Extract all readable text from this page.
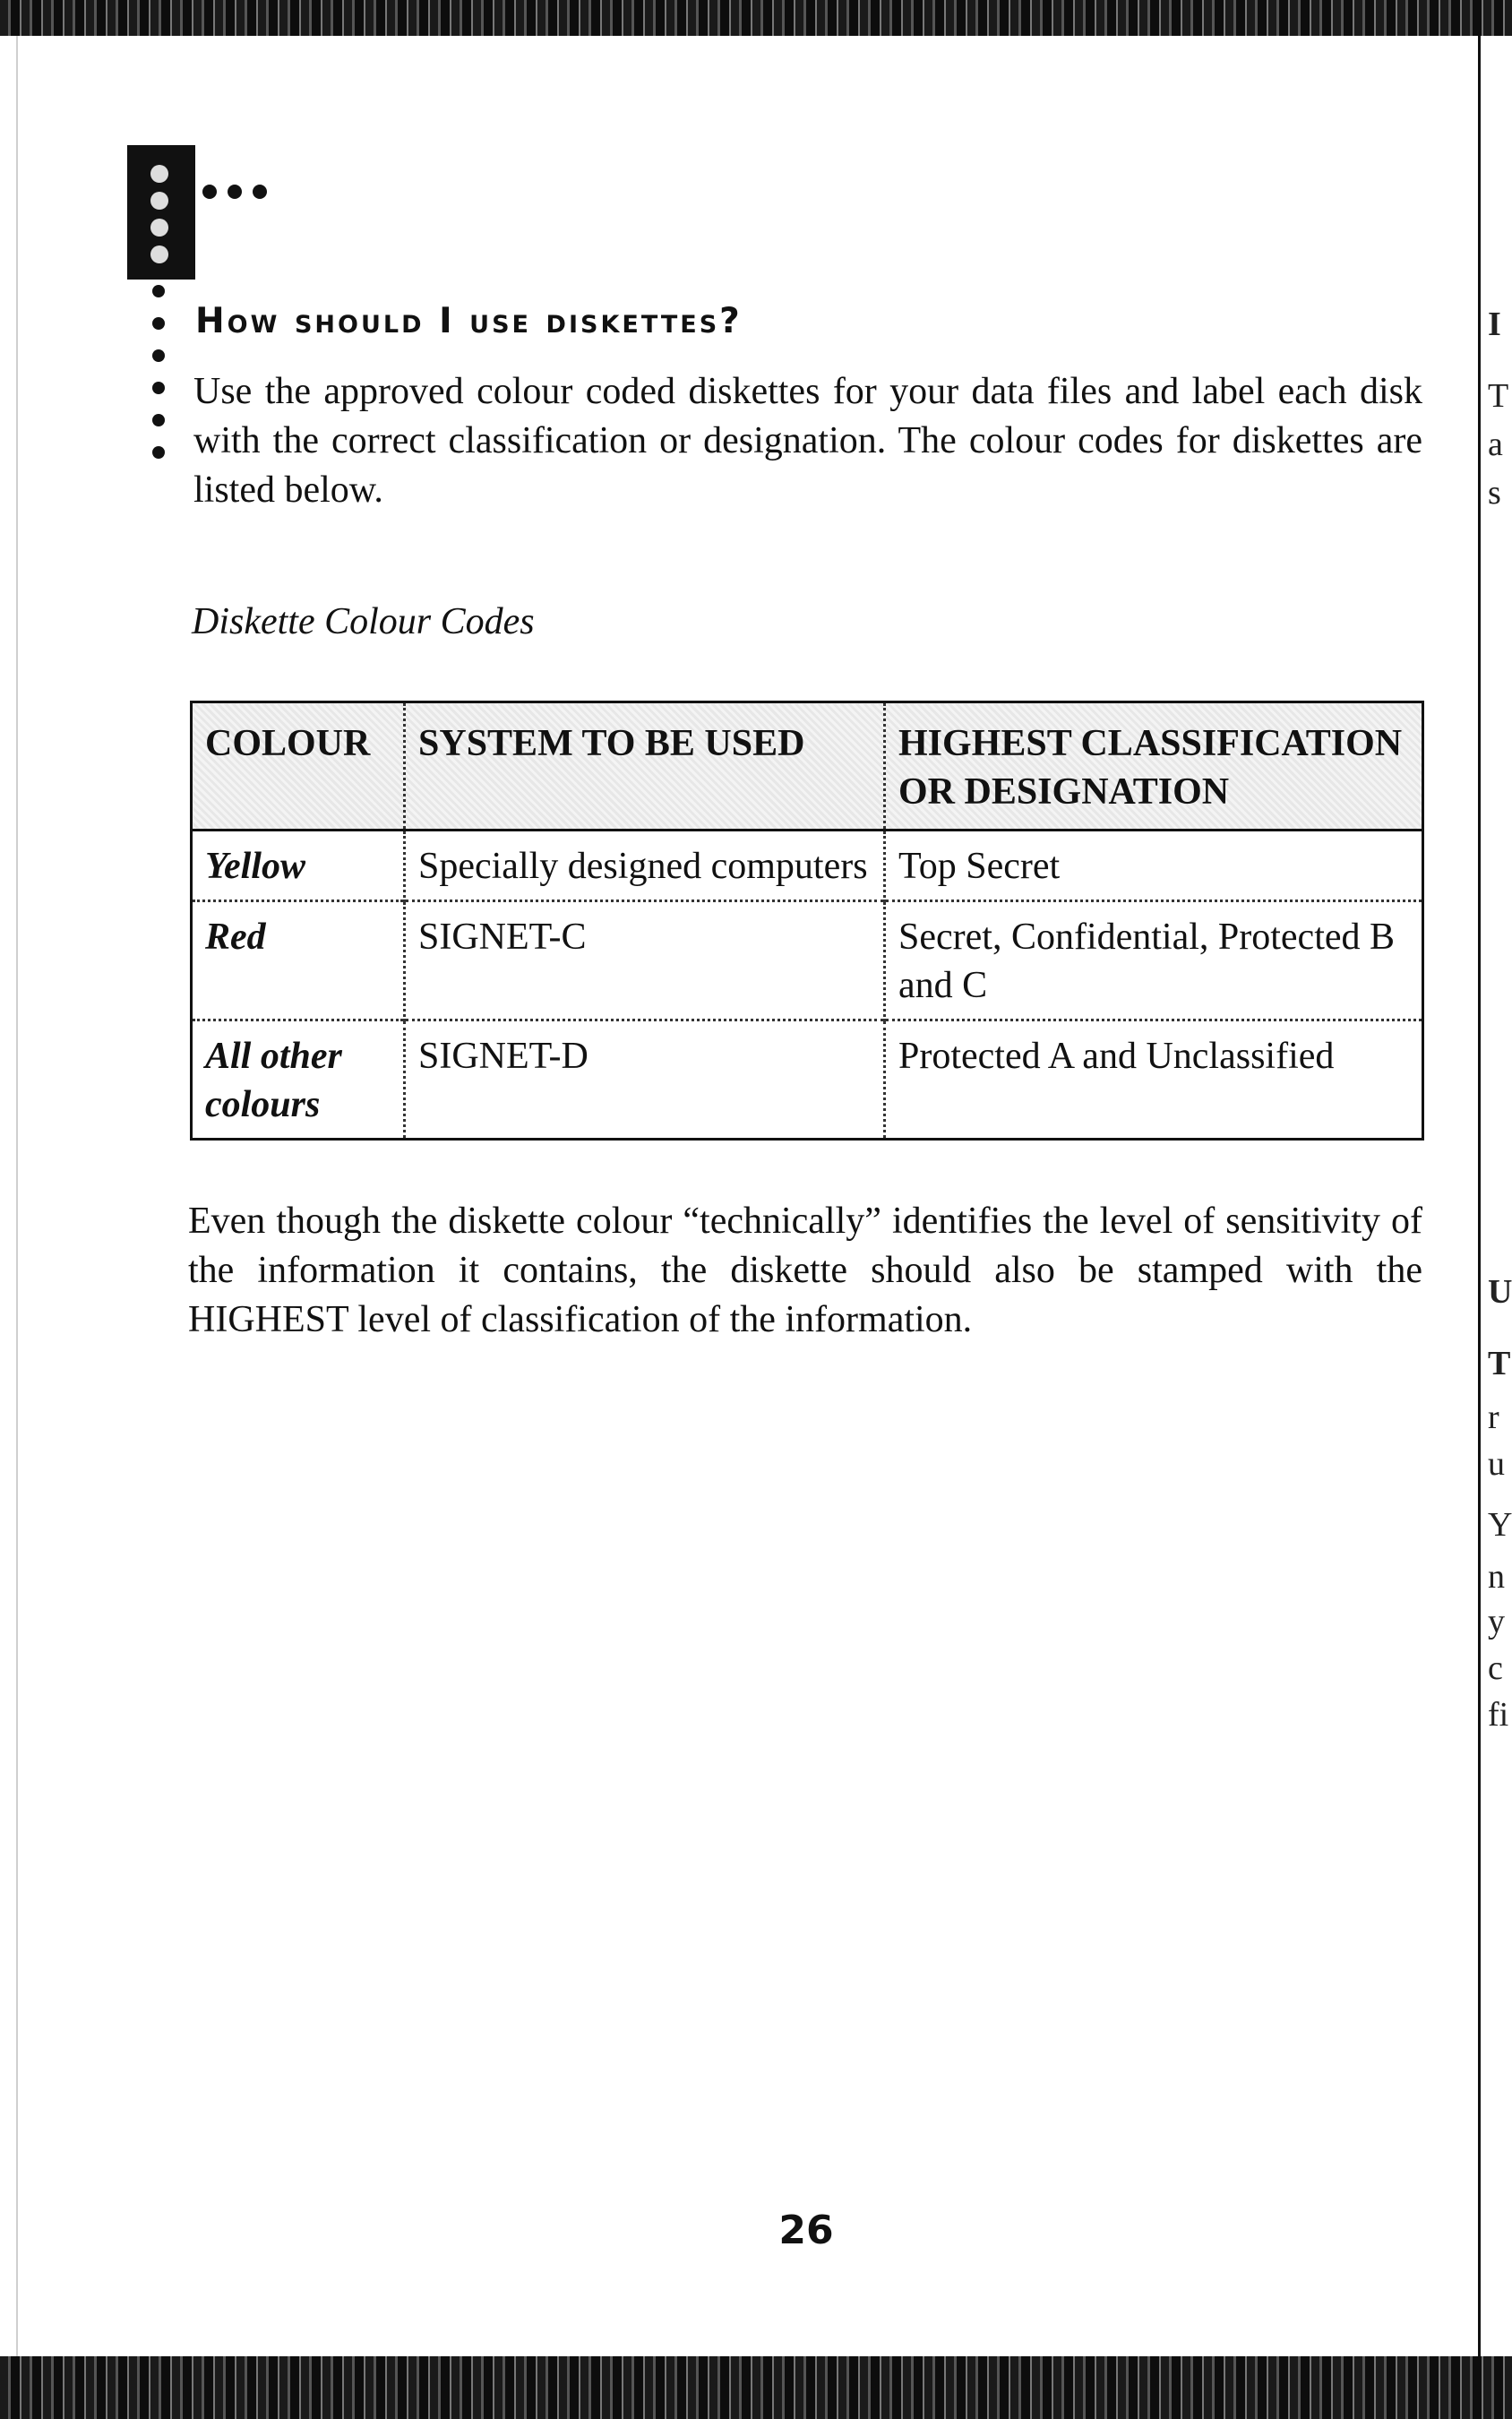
I
T
a
s
U
T
r
u
Y
n
y
c
fi
How should I use diskettes?

Use the approved colour coded diskettes for your data files and label each disk with the correct classification or designation. The colour codes for diskettes are listed below.

Diskette Colour Codes

COLOUR	SYSTEM TO BE USED	HIGHEST CLASSIFICATION OR DESIGNATION
Yellow	Specially designed computers	Top Secret
Red	SIGNET-C	Secret, Confidential, Protected B and C
All other colours	SIGNET-D	Protected A and Unclassified

Even though the diskette colour “technically” identifies the level of sensitivity of the information it contains, the diskette should also be stamped with the HIGHEST level of classification of the information.

26
